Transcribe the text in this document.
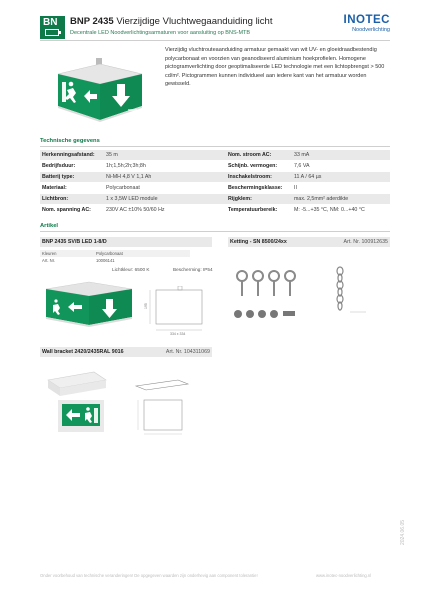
BN BNP 2435 Vierzijdige Vluchtwegaanduiding licht
Decentrale LED Noodverlichtingsarmaturen voor aansluiting op BNS-MTB
INOTEC
Noodverlichting
Vierzijdig vluchtrouteaanduiding armatuur gemaakt van wit UV- en gloeidraadbestendig polycarbonaat en voorzien van geanodiseerd aluminium hoekprofielen. Homogene pictogramverlichting door geoptimaliseerde LED technologie met een lichtopbrengst > 500 cd/m². Pictogrammen kunnen individueel aan iedere kant van het armatuur worden gewisseld.
Technische gegevens
Herkenningsafstand: 35 m	Nom. stroom AC:	33 mA
Bedrijfsduur:	1h;1,5h;2h;3h;8h	Schijnb. vermogen:	7,6 VA
Batterij type:	Ni-MH 4,8 V 1,1 Ah	Inschakelstroom:	11 A / 64 µs
Materiaal:	Polycarbonaat	Beschermingsklasse: II
Lichtbron:	1 x 3,5W LED module	Rijgklem:	max. 2,5mm² aderdikte
Nom. spanning AC:	230V AC ±10% 50/60 Hz	Temperatuurbereik:	M: -5...+35 °C, NM: 0...+40 °C
Artikel
BNP 2435 SV/B LED 1-8/D
Kleuren	Polycarbonaat
Art. Nr.	10006141
Lichtkleur: 6500 K	Bescherming: IP54
195
334 x 334
Ketting - SN 8500/24xx	Art. Nr. 100912635
Wall bracket 2420/2435RAL 9016	Art. Nr. 104311069
Onder voorbehoud van technische veranderingen! De opgegeven waarden zijn onderhevig aan component tolerantie!	www.inotec-noodverlichting.nl
2024.06.05
